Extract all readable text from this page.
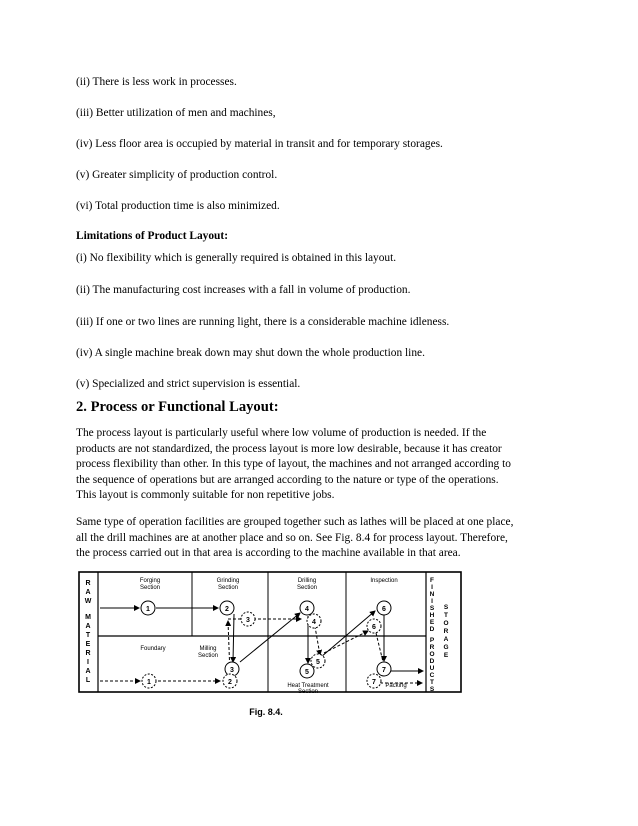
(ii) There is less work in processes.
(iii) Better utilization of men and machines,
(iv) Less floor area is occupied by material in transit and for temporary storages.
(v) Greater simplicity of production control.
(vi) Total production time is also minimized.
Limitations of Product Layout:
(i) No flexibility which is generally required is obtained in this layout.
(ii) The manufacturing cost increases with a fall in volume of production.
(iii) If one or two lines are running light, there is a considerable machine idleness.
(iv) A single machine break down may shut down the whole production line.
(v) Specialized and strict supervision is essential.
2. Process or Functional Layout:
The process layout is particularly useful where low volume of production is needed. If the
products are not standardized, the process layout is more low desirable, because it has creator
process flexibility than other. In this type of layout, the machines and not arranged according to
the sequence of operations but are arranged according to the nature or type of the operations.
This layout is commonly suitable for non repetitive jobs.
Same type of operation facilities are grouped together such as lathes will be placed at one place,
all the drill machines are at another place and so on. See Fig. 8.4 for process layout. Therefore,
the process carried out in that area is according to the machine available in that area.
R
A
W
M
A
T
E
R
I
A
L
F
I
N
I
S
H
E
D
P
R
O
D
U
C
T
S
S
T
O
R
A
G
E
Forging
Section
Grinding
Section
Drilling
Section
Inspection
Foundary	Milling
Section
Heat Treatment
Section
Packing
1	2	4	6
3	4
6
3	5
5
7
1	2	7
Fig. 8.4.
